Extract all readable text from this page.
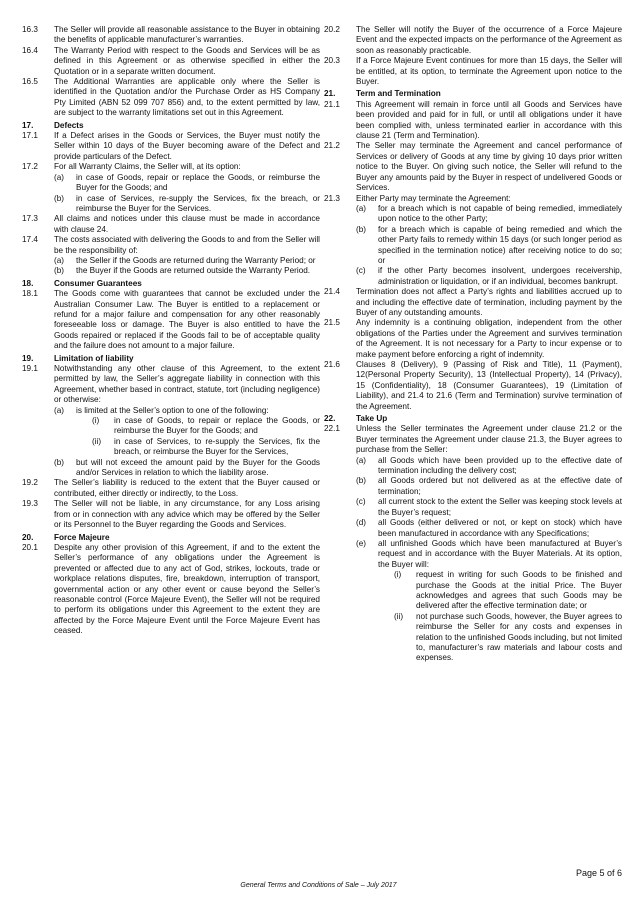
16.3	The Seller will provide all reasonable assistance to the Buyer in obtaining the benefits of applicable manufacturer’s warranties.
16.4	The Warranty Period with respect to the Goods and Services will be as defined in this Agreement or as otherwise specified in either the Quotation or in a separate written document.
16.5	The Additional Warranties are applicable only where the Seller is identified in the Quotation and/or the Purchase Order as HS Company Pty Limited (ABN 52 099 707 856) and, to the extent permitted by law, are subject to the warranty limitations set out in this Agreement.
17.	Defects
17.1	If a Defect arises in the Goods or Services, the Buyer must notify the Seller within 10 days of the Buyer becoming aware of the Defect and provide particulars of the Defect.
17.2	For all Warranty Claims, the Seller will, at its option:
(a)	in case of Goods, repair or replace the Goods, or reimburse the Buyer for the Goods; and
(b)	in case of Services, re-supply the Services, fix the breach, or reimburse the Buyer for the Services.
17.3	All claims and notices under this clause must be made in accordance with clause 24.
17.4	The costs associated with delivering the Goods to and from the Seller will be the responsibility of:
(a)	the Seller if the Goods are returned during the Warranty Period; or
(b)	the Buyer if the Goods are returned outside the Warranty Period.
18.	Consumer Guarantees
18.1	The Goods come with guarantees that cannot be excluded under the Australian Consumer Law. The Buyer is entitled to a replacement or refund for a major failure and compensation for any other reasonably foreseeable loss or damage. The Buyer is also entitled to have the Goods repaired or replaced if the Goods fail to be of acceptable quality and the failure does not amount to a major failure.
19.	Limitation of liability
19.1	Notwithstanding any other clause of this Agreement, to the extent permitted by law, the Seller’s aggregate liability in connection with this Agreement, whether based in contract, statute, tort (including negligence) or otherwise:
(a)	is limited at the Seller’s option to one of the following:
(i)	in case of Goods, to repair or replace the Goods, or reimburse the Buyer for the Goods; and
(ii)	in case of Services, to re-supply the Services, fix the breach, or reimburse the Buyer for the Services,
(b)	but will not exceed the amount paid by the Buyer for the Goods and/or Services in relation to which the liability arose.
19.2	The Seller’s liability is reduced to the extent that the Buyer caused or contributed, either directly or indirectly, to the Loss.
19.3	The Seller will not be liable, in any circumstance, for any Loss arising from or in connection with any advice which may be offered by the Seller or its Personnel to the Buyer regarding the Goods and Services.
20.	Force Majeure
20.1	Despite any other provision of this Agreement, if and to the extent the Seller’s performance of any obligations under the Agreement is prevented or affected due to any act of God, strikes, lockouts, trade or workplace relations disputes, fire, breakdown, interruption of transport, governmental action or any other event or cause beyond the Seller’s reasonable control (Force Majeure Event), the Seller will not be required to perform its obligations under this Agreement to the extent they are affected by the Force Majeure Event until the Force Majeure Event has ceased.
20.2	The Seller will notify the Buyer of the occurrence of a Force Majeure Event and the expected impacts on the performance of the Agreement as soon as reasonably practicable.
20.3	If a Force Majeure Event continues for more than 15 days, the Seller will be entitled, at its option, to terminate the Agreement upon notice to the Buyer.
21.	Term and Termination
21.1	This Agreement will remain in force until all Goods and Services have been provided and paid for in full, or until all obligations under it have been complied with, unless terminated earlier in accordance with this clause 21 (Term and Termination).
21.2	The Seller may terminate the Agreement and cancel performance of Services or delivery of Goods at any time by giving 10 days prior written notice to the Buyer. On giving such notice, the Seller will refund to the Buyer any amounts paid by the Buyer in respect of undelivered Goods or Services.
21.3	Either Party may terminate the Agreement:
(a)	for a breach which is not capable of being remedied, immediately upon notice to the other Party;
(b)	for a breach which is capable of being remedied and which the other Party fails to remedy within 15 days (or such longer period as specified in the termination notice) after receiving notice to do so; or
(c)	if the other Party becomes insolvent, undergoes receivership, administration or liquidation, or if an individual, becomes bankrupt.
21.4	Termination does not affect a Party’s rights and liabilities accrued up to and including the effective date of termination, including payment by the Buyer of any outstanding amounts.
21.5	Any indemnity is a continuing obligation, independent from the other obligations of the Parties under the Agreement and survives termination of the Agreement. It is not necessary for a Party to incur expense or to make payment before enforcing a right of indemnity.
21.6	Clauses 8 (Delivery), 9 (Passing of Risk and Title), 11 (Payment), 12(Personal Property Security), 13 (Intellectual Property), 14 (Privacy), 15 (Confidentiality), 18 (Consumer Guarantees), 19 (Limitation of Liability), and 21.4 to 21.6 (Term and Termination) survive termination of the Agreement.
22.	Take Up
22.1	Unless the Seller terminates the Agreement under clause 21.2 or the Buyer terminates the Agreement under clause 21.3, the Buyer agrees to purchase from the Seller:
(a)	all Goods which have been provided up to the effective date of termination including the delivery cost;
(b)	all Goods ordered but not delivered as at the effective date of termination;
(c)	all current stock to the extent the Seller was keeping stock levels at the Buyer’s request;
(d)	all Goods (either delivered or not, or kept on stock) which have been manufactured in accordance with any Specifications;
(e)	all unfinished Goods which have been manufactured at Buyer’s request and in accordance with the Buyer Materials. At its option, the Buyer will:
(i)	request in writing for such Goods to be finished and purchase the Goods at the initial Price. The Buyer acknowledges and agrees that such Goods may be delivered after the effective termination date; or
(ii)	not purchase such Goods, however, the Buyer agrees to reimburse the Seller for any costs and expenses in relation to the unfinished Goods including, but not limited to, manufacturer’s raw materials and labour costs and expenses.
Page 5 of 6
General Terms and Conditions of Sale – July 2017
